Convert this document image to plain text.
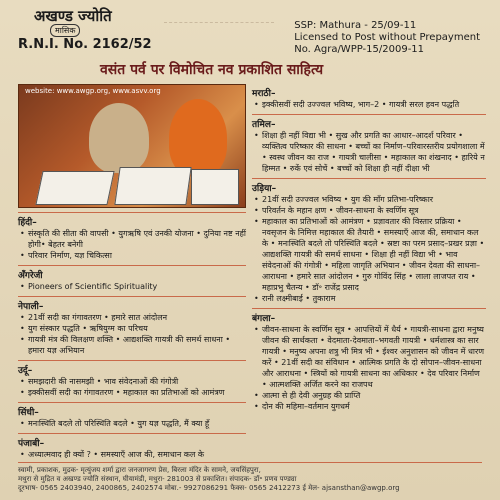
अखण्ड ज्योति
मासिक
R.N.I. No. 2162/52
SSP: Mathura - 25/09-11
Licensed to Post without Prepayment
No. Agra/WPP-15/2009-11
वसंत पर्व पर विमोचित नव प्रकाशित साहित्य
website: www.awgp.org, www.asvv.org
हिंदी–
• संस्कृति की सीता की वापसी • युगऋषि एवं उनकी योजना • दुनिया नष्ट नहीं होगी• बेहतर बनेगी
• परिवार निर्माण, यज्ञ चिकित्सा
अँगरेजी
• Pioneers of Scientific Spirituality
नेपाली–
• 21वीं सदी का गंगावतरण • हमारे सात आंदोलन
• युग संस्कार पद्धति • ऋषियुग्म का परिचय
• गायत्री मंत्र की विलक्षण शक्ति • आद्यशक्ति गायत्री की समर्थ साधना • हमारा यज्ञ अभियान
उर्दू–
• समझदारी की नासमझी • भाव संवेदनाओं की गंगोत्री
• इक्कीसवीं सदी का गंगावतरण • महाकाल का प्रतिभाओं को आमंत्रण
सिंधी–
• मनःस्थिति बदले तो परिस्थिति बदले • युग यज्ञ पद्धति, मैं क्या हूँ
पंजाबी–
• अध्यात्मवाद ही क्यों ? • समस्याएँ आज की, समाधान कल के
मराठी–
• इक्कीसवीं सदी उज्ज्वल भविष्य, भाग–2 • गायत्री सरल हवन पद्धति
तमिल–
• शिक्षा ही नहीं विद्या भी • सुख और प्रगति का आधार–आदर्श परिवार • व्यक्तित्व परिष्कार की साधना • बच्चों का निर्माण–परिवारस्तरीय प्रयोगशाला में • स्वस्थ जीवन का राज • गायत्री चालीसा • महाकाल का शंखनाद • हारिये न हिम्मत • रुकें एवं सोचें • बच्चों को शिक्षा ही नहीं दीक्षा भी
उड़िया–
• 21वीं सदी उज्ज्वल भविष्य • युग की माँग प्रतिभा-परिष्कार
• परिवर्तन के महान क्षण • जीवन-साधना के स्वर्णिम सूत्र
• महाकाल का प्रतिभाओं को आमंत्रण • प्रज्ञावतार की विस्तार प्रक्रिया • नवसृजन के निमित्त महाकाल की तैयारी • समस्याएँ आज की, समाधान कल के • मनःस्थिति बदले तो परिस्थिति बदले • स्रष्टा का परम प्रसाद–प्रखर प्रज्ञा • आद्यशक्ति गायत्री की समर्थ साधना • शिक्षा ही नहीं विद्या भी • भाव संवेदनाओं की गंगोत्री • महिला जागृति अभियान • जीवन देवता की साधना–आराधना • हमारे सात आंदोलन • गुरु गोविंद सिंह • लाला लाजपत राय • महाप्रभु चैतन्य • डॉ॰ राजेंद्र प्रसाद
• रानी लक्ष्मीबाई • तुकाराम
बंगला–
• जीवन-साधना के स्वर्णिम सूत्र • आपत्तियों में धैर्य • गायत्री-साधना द्वारा मनुष्य जीवन की सार्थकता • वेदमाता-देवमाता–भगवती गायत्री • धर्मशास्त्र का सार गायत्री • मनुष्य अपना शत्रु भी मित्र भी • ईश्वर अनुशासन को जीवन में धारण करें • 21वीं सदी का संविधान • आत्मिक प्रगति के दो सोपान–जीवन-साधना और आराधना • स्त्रियों को गायत्री साधना का अधिकार • देव परिवार निर्माण • आत्मशक्ति अर्जित करने का राजपथ
• आत्मा से ही देवी अनुग्रह की प्राप्ति
• दोन की महिमा–वर्तमान युगधर्म
स्वामी, प्रकाशक, मुद्रक- मृत्युंजय शर्मा द्वारा जनजागरण प्रेस, बिरला मंदिर के सामने, जयसिंहपुरा,
मथुरा से मुद्रित व अखण्ड ज्योति संस्थान, घीयामंडी, मथुरा- 281003 से प्रकाशित। संपादक- डॉ॰ प्रणव पण्ड्या
दूरभाष- 0565 2403940, 2400865, 2402574 मोबा.- 9927086291 फैक्स- 0565 2412273 ई मेल- ajsansthan@awgp.org
